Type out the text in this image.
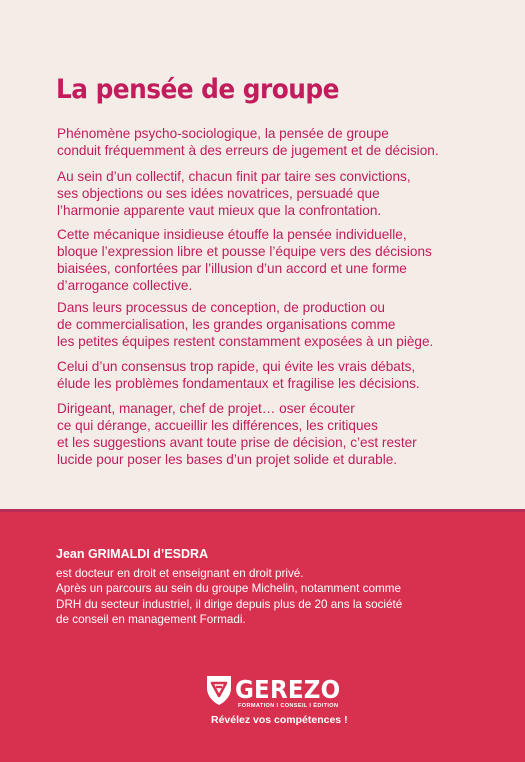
La pensée de groupe

Phénomène psycho-sociologique, la pensée de groupe
conduit fréquemment à des erreurs de jugement et de décision.

Au sein d’un collectif, chacun finit par taire ses convictions,
ses objections ou ses idées novatrices, persuadé que
l’harmonie apparente vaut mieux que la confrontation.

Cette mécanique insidieuse étouffe la pensée individuelle,
bloque l’expression libre et pousse l’équipe vers des décisions
biaisées, confortées par l’illusion d’un accord et une forme
d’arrogance collective.

Dans leurs processus de conception, de production ou
de commercialisation, les grandes organisations comme
les petites équipes restent constamment exposées à un piège.

Celui d’un consensus trop rapide, qui évite les vrais débats,
élude les problèmes fondamentaux et fragilise les décisions.

Dirigeant, manager, chef de projet… oser écouter
ce qui dérange, accueillir les différences, les critiques
et les suggestions avant toute prise de décision, c’est rester
lucide pour poser les bases d’un projet solide et durable.

Jean GRIMALDI d’ESDRA

est docteur en droit et enseignant en droit privé.
Après un parcours au sein du groupe Michelin, notamment comme
DRH du secteur industriel, il dirige depuis plus de 20 ans la société
de conseil en management Formadi.

GEREZO
FORMATION I CONSEIL I ÉDITION
Révélez vos compétences !
